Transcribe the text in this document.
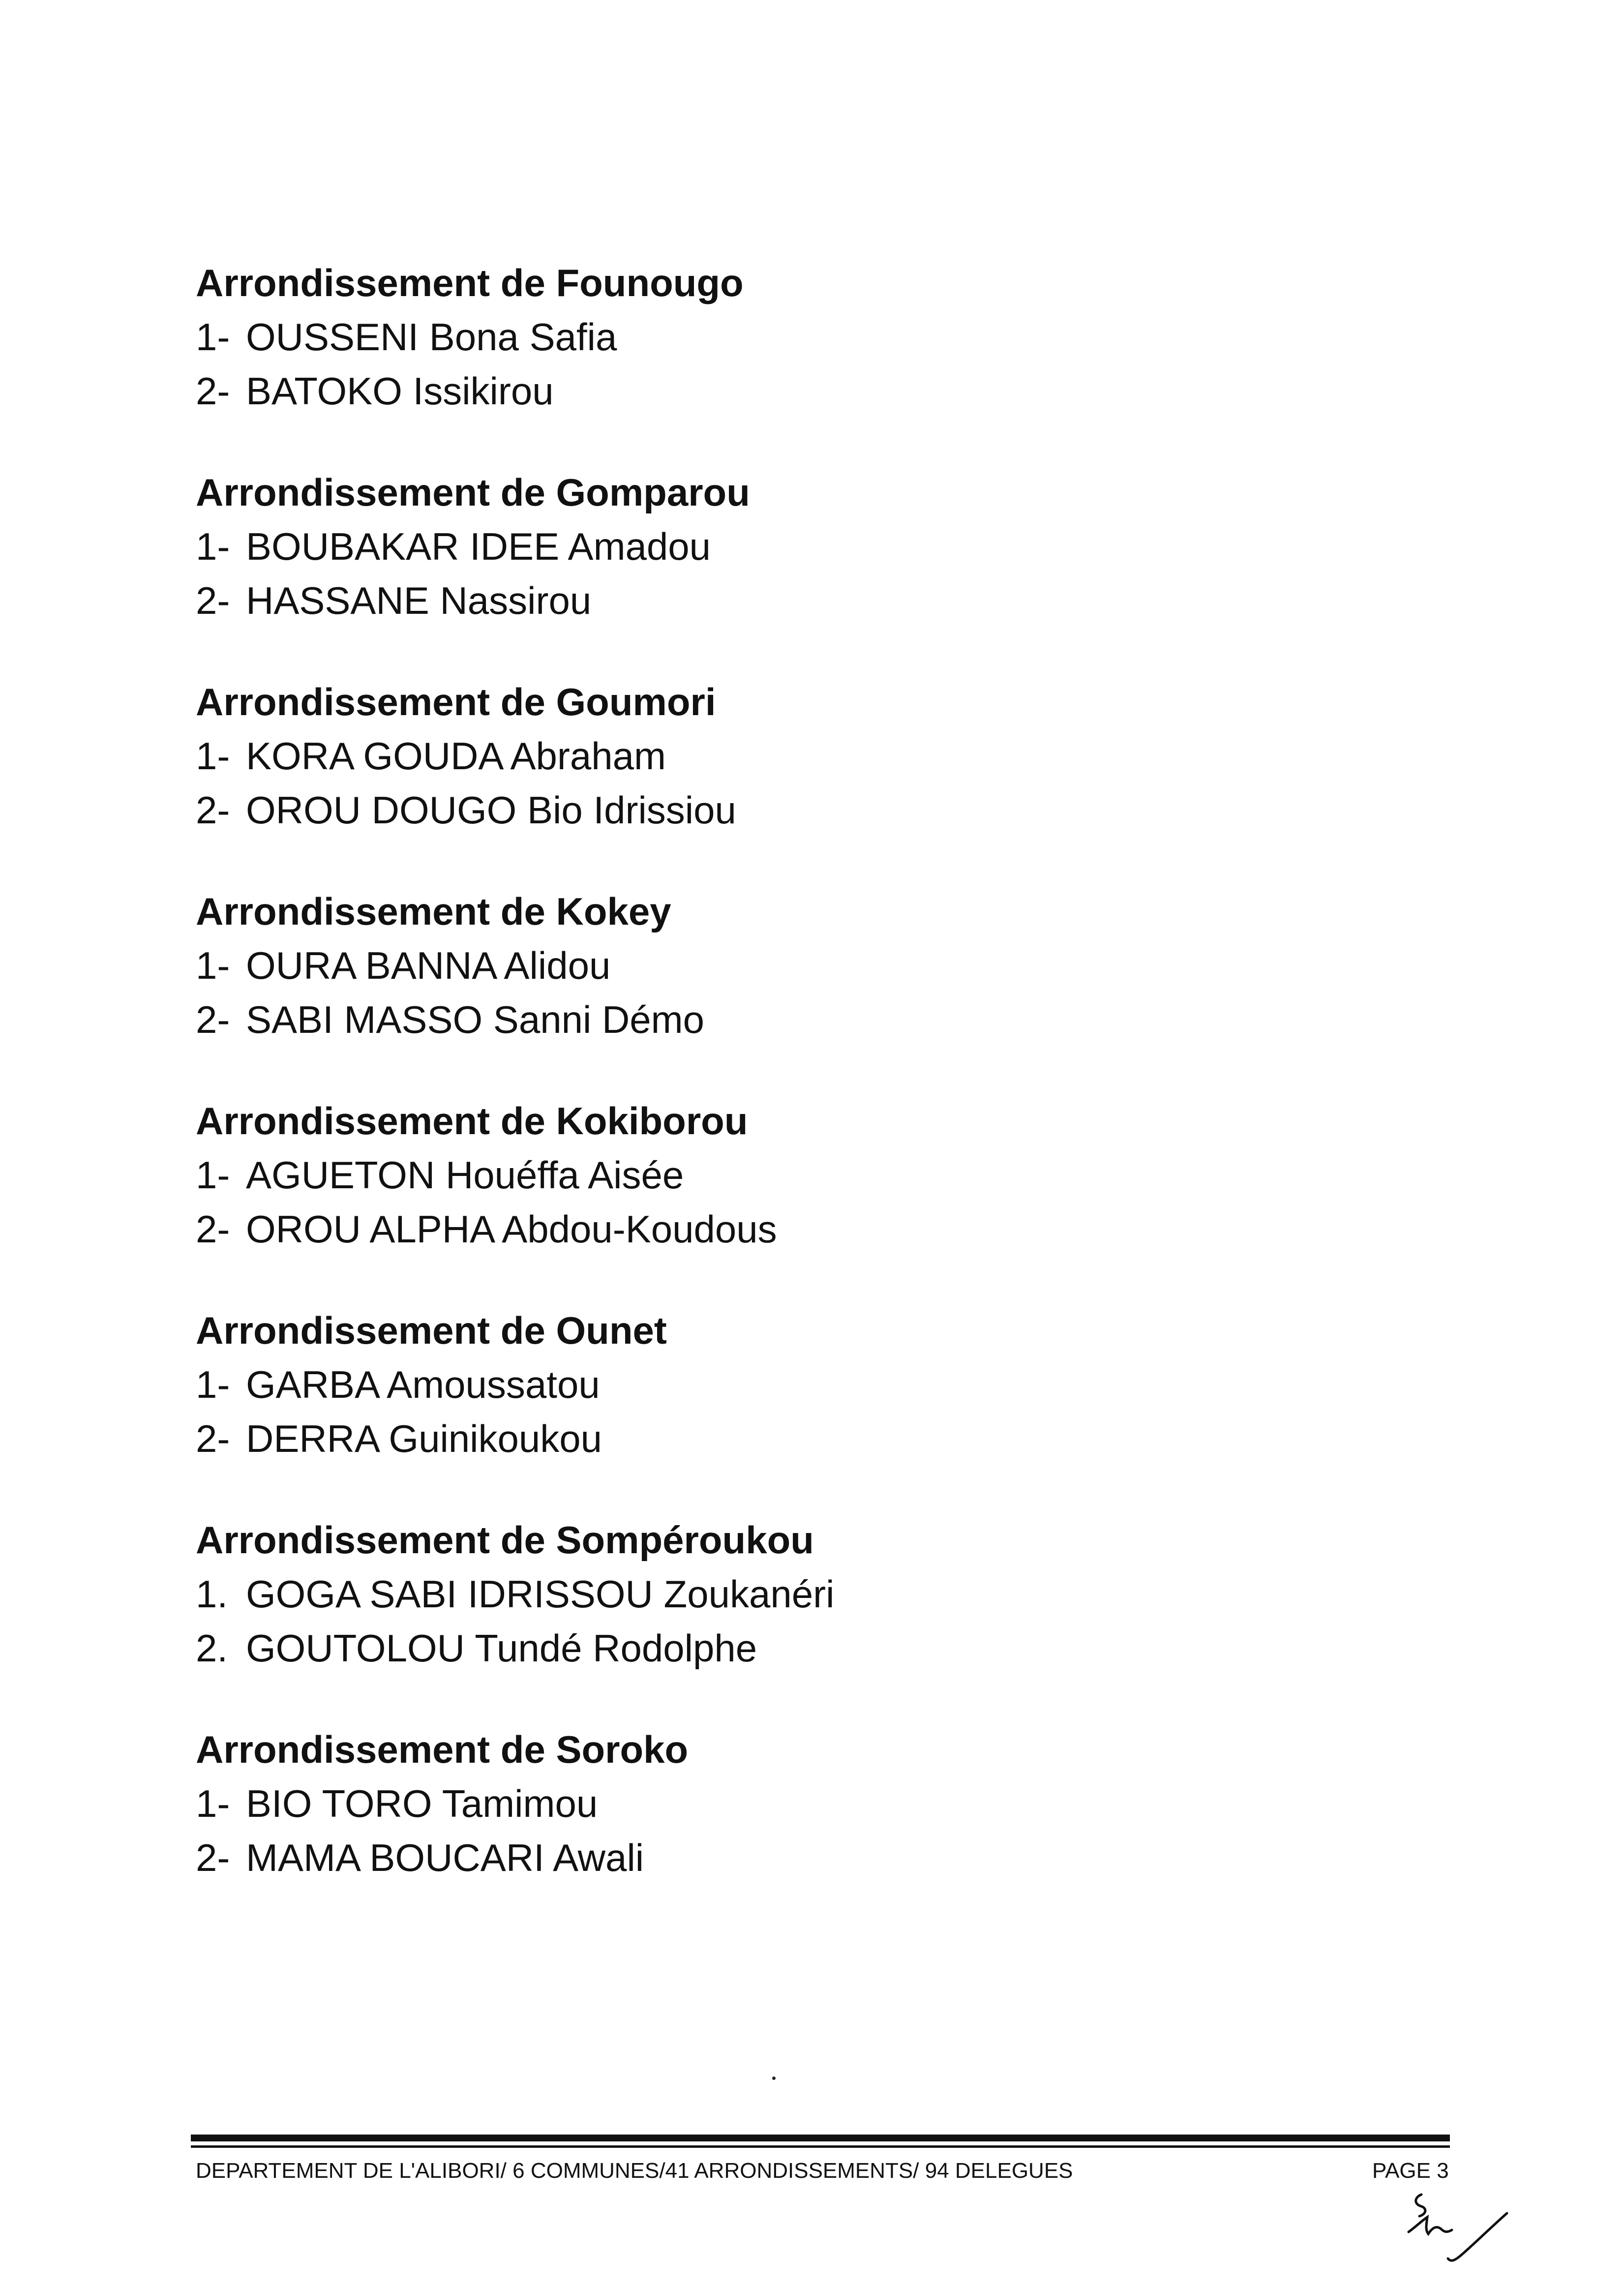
Arrondissement de Founougo

1- OUSSENI Bona Safia

2- BATOKO Issikirou

Arrondissement de Gomparou

1- BOUBAKAR IDEE Amadou

2- HASSANE Nassirou

Arrondissement de Goumori

1- KORA GOUDA Abraham

2- OROU DOUGO Bio Idrissiou

Arrondissement de Kokey

1- OURA BANNA Alidou

2- SABI MASSO Sanni Démo

Arrondissement de Kokiborou

1- AGUETON Houéffa Aisée

2- OROU ALPHA Abdou-Koudous

Arrondissement de Ounet

1- GARBA Amoussatou

2- DERRA Guinikoukou

Arrondissement de Sompéroukou

1. GOGA SABI IDRISSOU Zoukanéri

2. GOUTOLOU Tundé Rodolphe

Arrondissement de Soroko

1- BIO TORO Tamimou

2- MAMA BOUCARI Awali

DEPARTEMENT DE L'ALIBORI/ 6 COMMUNES/41 ARRONDISSEMENTS/ 94 DELEGUES	PAGE 3
